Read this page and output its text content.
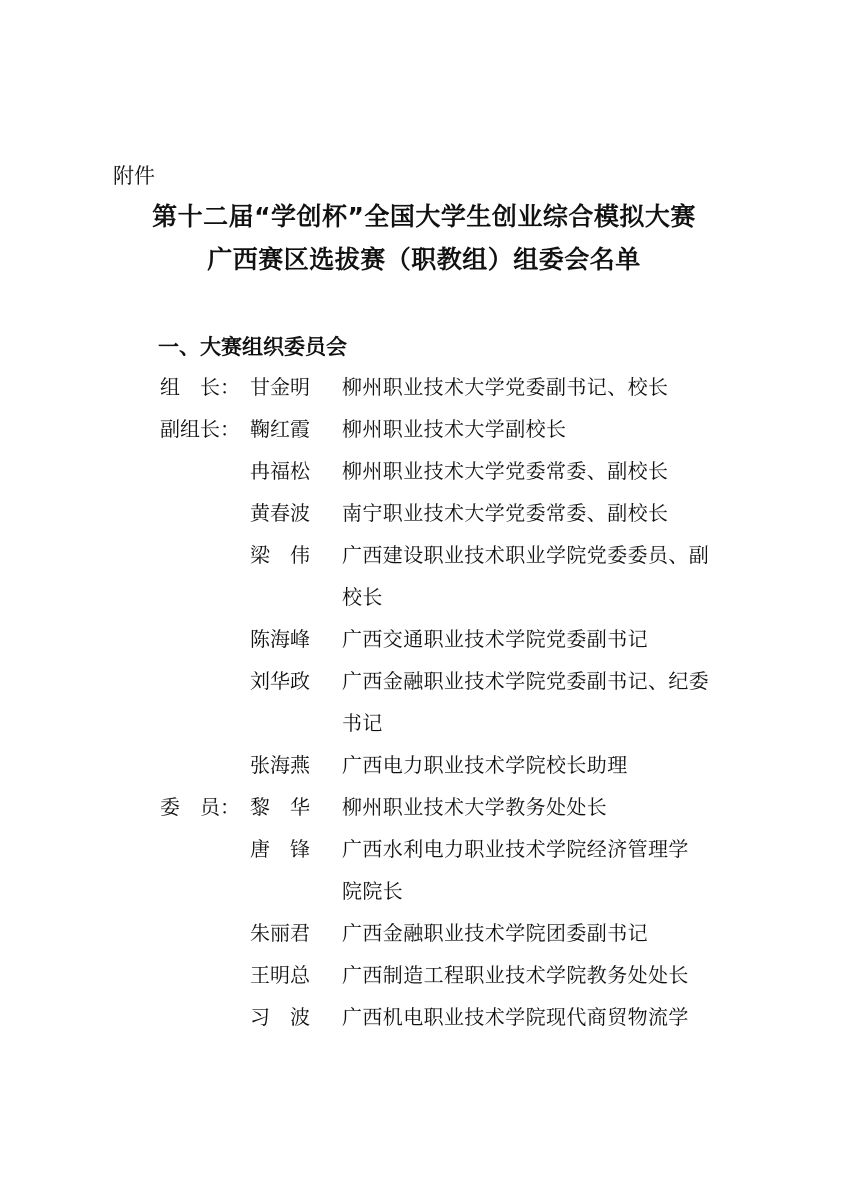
附件
第十二届“学创杯”全国大学生创业综合模拟大赛
广西赛区选拔赛（职教组）组委会名单
一、大赛组织委员会
组　长： 甘金明	柳州职业技术大学党委副书记、校长
副组长： 鞠红霞	柳州职业技术大学副校长
冉福松	柳州职业技术大学党委常委、副校长
黄春波	南宁职业技术大学党委常委、副校长
梁　伟	广西建设职业技术职业学院党委委员、副
校长
陈海峰	广西交通职业技术学院党委副书记
刘华政	广西金融职业技术学院党委副书记、纪委
书记
张海燕	广西电力职业技术学院校长助理
委　员： 黎　华	柳州职业技术大学教务处处长
唐　锋	广西水利电力职业技术学院经济管理学
院院长
朱丽君	广西金融职业技术学院团委副书记
王明总	广西制造工程职业技术学院教务处处长
习　波	广西机电职业技术学院现代商贸物流学
